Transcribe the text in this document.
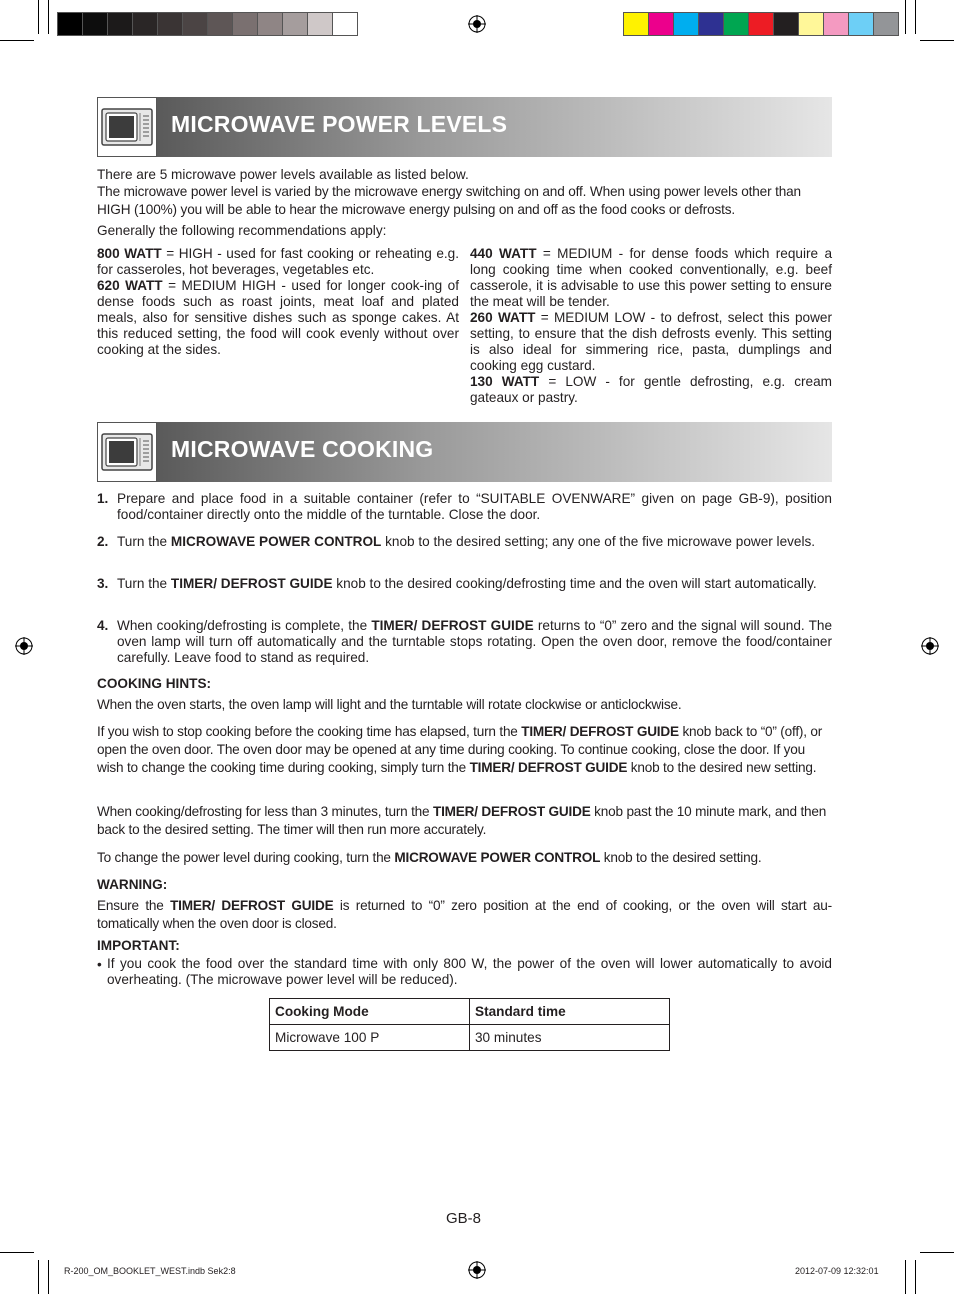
MICROWAVE POWER LEVELS
There are 5 microwave power levels available as listed below.
The microwave power level is varied by the microwave energy switching on and off. When using power levels other than HIGH (100%) you will be able to hear the microwave energy pulsing on and off as the food cooks or defrosts.
Generally the following recommendations apply:
800 WATT = HIGH - used for fast cooking or reheating e.g. for casseroles, hot beverages, vegetables etc.
620 WATT = MEDIUM HIGH - used for longer cook-ing of dense foods such as roast joints, meat loaf and plated meals, also for sensitive dishes such as sponge cakes. At this reduced setting, the food will cook evenly without over cooking at the sides.
440 WATT = MEDIUM - for dense foods which require a long cooking time when cooked conventionally, e.g. beef casserole, it is advisable to use this power setting to ensure the meat will be tender.
260 WATT = MEDIUM LOW - to defrost, select this power setting, to ensure that the dish defrosts evenly. This setting is also ideal for simmering rice, pasta, dumplings and cooking egg custard.
130 WATT = LOW - for gentle defrosting, e.g. cream gateaux or pastry.
MICROWAVE COOKING
1. Prepare and place food in a suitable container (refer to “SUITABLE OVENWARE” given on page GB-9), position food/container directly onto the middle of the turntable. Close the door.
2. Turn the MICROWAVE POWER CONTROL knob to the desired setting; any one of the five microwave power levels.
3. Turn the TIMER/ DEFROST GUIDE knob to the desired cooking/defrosting time and the oven will start automatically.
4. When cooking/defrosting is complete, the TIMER/ DEFROST GUIDE returns to “0” zero and the signal will sound. The oven lamp will turn off automatically and the turntable stops rotating. Open the oven door, remove the food/container carefully. Leave food to stand as required.
COOKING HINTS:
When the oven starts, the oven lamp will light and the turntable will rotate clockwise or anticlockwise.
If you wish to stop cooking before the cooking time has elapsed, turn the TIMER/ DEFROST GUIDE knob back to “0” (off), or open the oven door. The oven door may be opened at any time during cooking. To continue cooking, close the door. If you wish to change the cooking time during cooking, simply turn the TIMER/ DEFROST GUIDE knob to the desired new setting.
When cooking/defrosting for less than 3 minutes, turn the TIMER/ DEFROST GUIDE knob past the 10 minute mark, and then back to the desired setting. The timer will then run more accurately.
To change the power level during cooking, turn the MICROWAVE POWER CONTROL knob to the desired setting.
WARNING:
Ensure the TIMER/ DEFROST GUIDE is returned to “0” zero position at the end of cooking, or the oven will start au-tomatically when the oven door is closed.
IMPORTANT:
• If you cook the food over the standard time with only 800 W, the power of the oven will lower automatically to avoid overheating. (The microwave power level will be reduced).
Cooking Mode	Standard time
Microwave 100 P	30 minutes
GB-8
R-200_OM_BOOKLET_WEST.indb Sek2:8	2012-07-09 12:32:01
